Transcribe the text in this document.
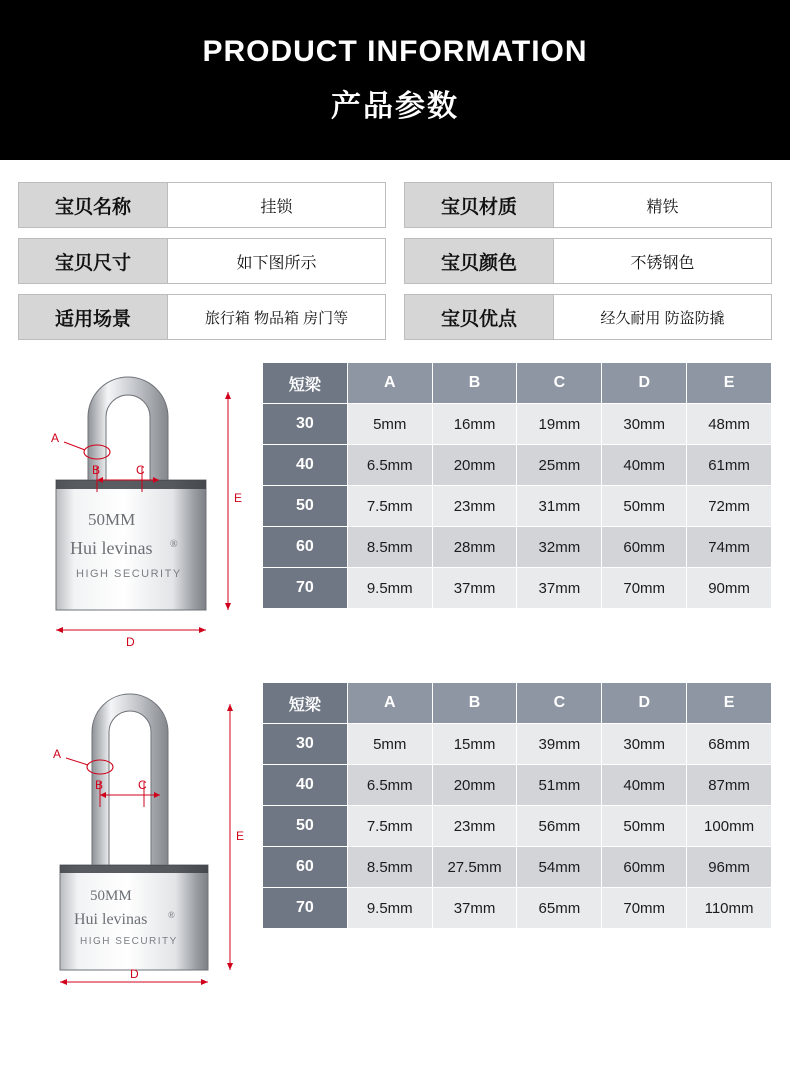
PRODUCT INFORMATION
产品参数
宝贝名称	挂锁	宝贝材质	精铁
宝贝尺寸	如下图所示	宝贝颜色	不锈钢色
适用场景	旅行箱 物品箱 房门等	宝贝优点	经久耐用 防盗防撬
50MM
Hui levinas ®
HIGH SECURITY
A
B	C
D
E
短梁	A	B	C	D	E
30	5mm	16mm	19mm	30mm	48mm
40	6.5mm	20mm	25mm	40mm	61mm
50	7.5mm	23mm	31mm	50mm	72mm
60	8.5mm	28mm	32mm	60mm	74mm
70	9.5mm	37mm	37mm	70mm	90mm
50MM
Hui levinas ®
HIGH SECURITY
A
B	C
D
E
短梁	A	B	C	D	E
30	5mm	15mm	39mm	30mm	68mm
40	6.5mm	20mm	51mm	40mm	87mm
50	7.5mm	23mm	56mm	50mm	100mm
60	8.5mm	27.5mm	54mm	60mm	96mm
70	9.5mm	37mm	65mm	70mm	110mm
